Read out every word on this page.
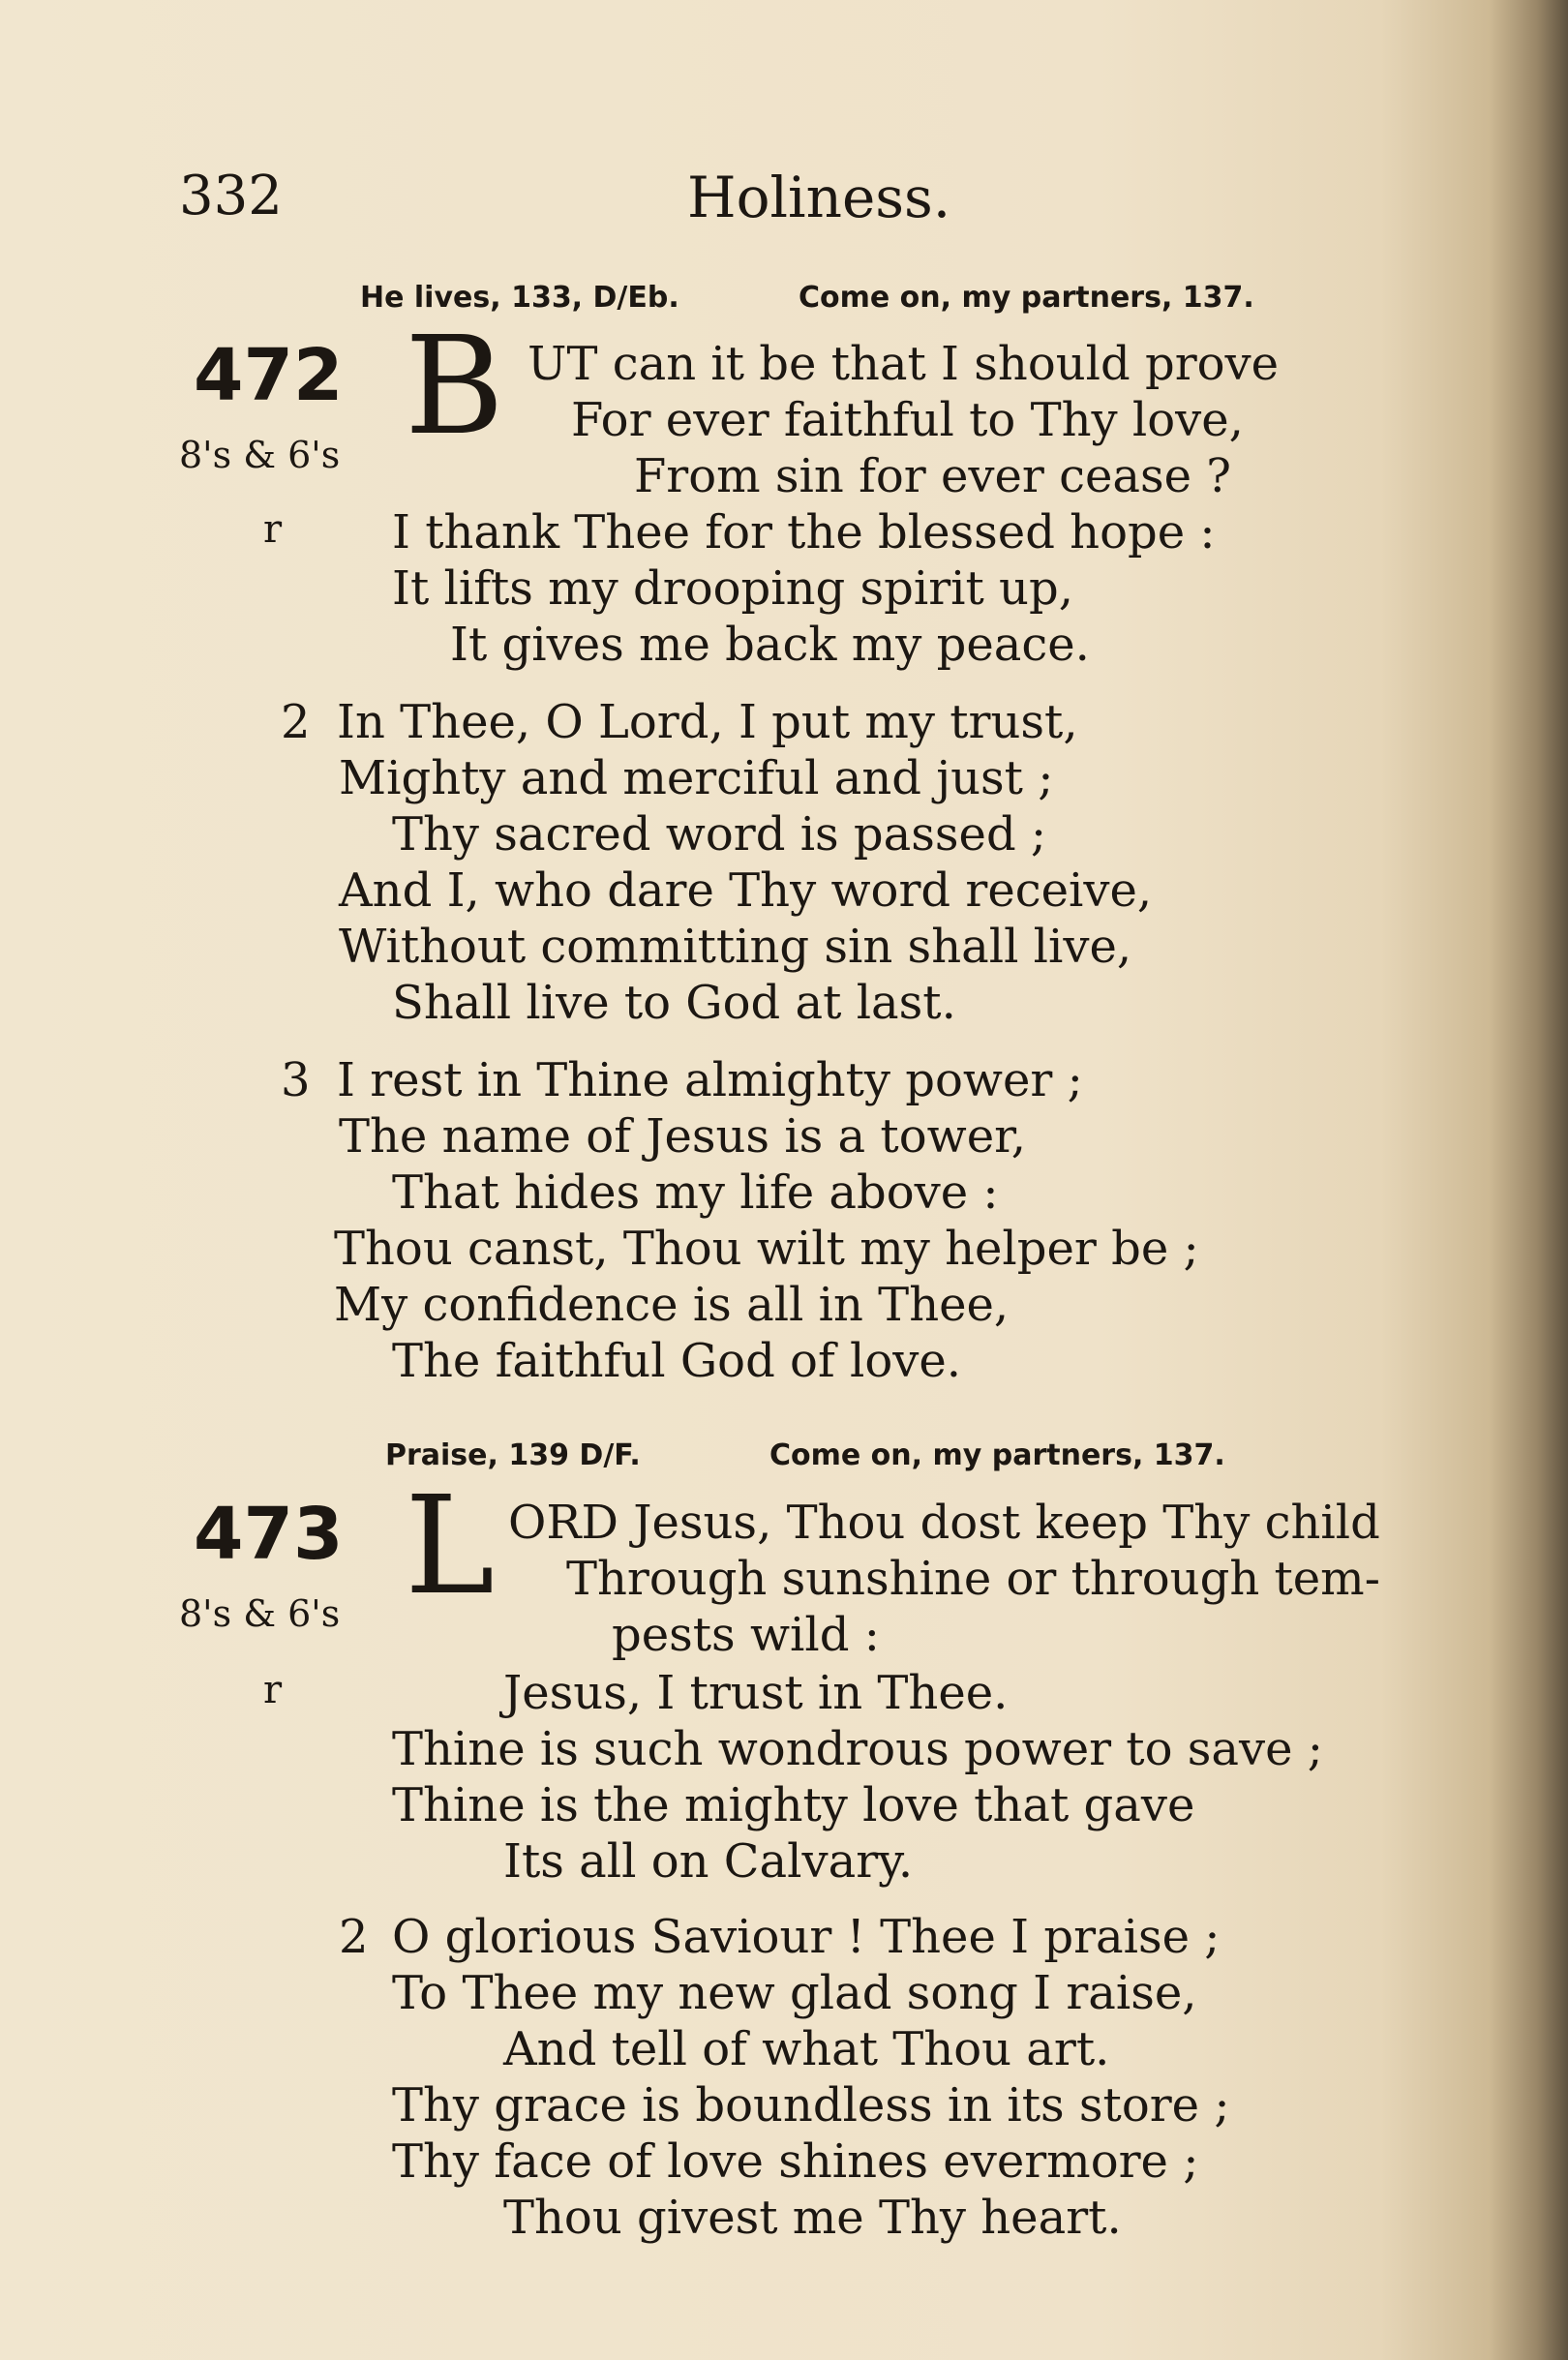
332	Holiness.
He lives, 133, D/Eb.	Come on, my partners, 137.
472
8's & 6's B UT can it be that I should prove
For ever faithful to Thy love,
From sin for ever cease ?
r I thank Thee for the blessed hope :
It lifts my drooping spirit up,
It gives me back my peace.
2 In Thee, O Lord, I put my trust,
Mighty and merciful and just ;
Thy sacred word is passed ;
And I, who dare Thy word receive,
Without committing sin shall live,
Shall live to God at last.
3 I rest in Thine almighty power ;
The name of Jesus is a tower,
That hides my life above :
Thou canst, Thou wilt my helper be ;
My confidence is all in Thee,
The faithful God of love.
Praise, 139 D/F.	Come on, my partners, 137.
473
8's & 6's L ORD Jesus, Thou dost keep Thy child
Through sunshine or through tem-
pests wild :
r	Jesus, I trust in Thee.
Thine is such wondrous power to save ;
Thine is the mighty love that gave
Its all on Calvary.
2 O glorious Saviour ! Thee I praise ;
To Thee my new glad song I raise,
And tell of what Thou art.
Thy grace is boundless in its store ;
Thy face of love shines evermore ;
Thou givest me Thy heart.
